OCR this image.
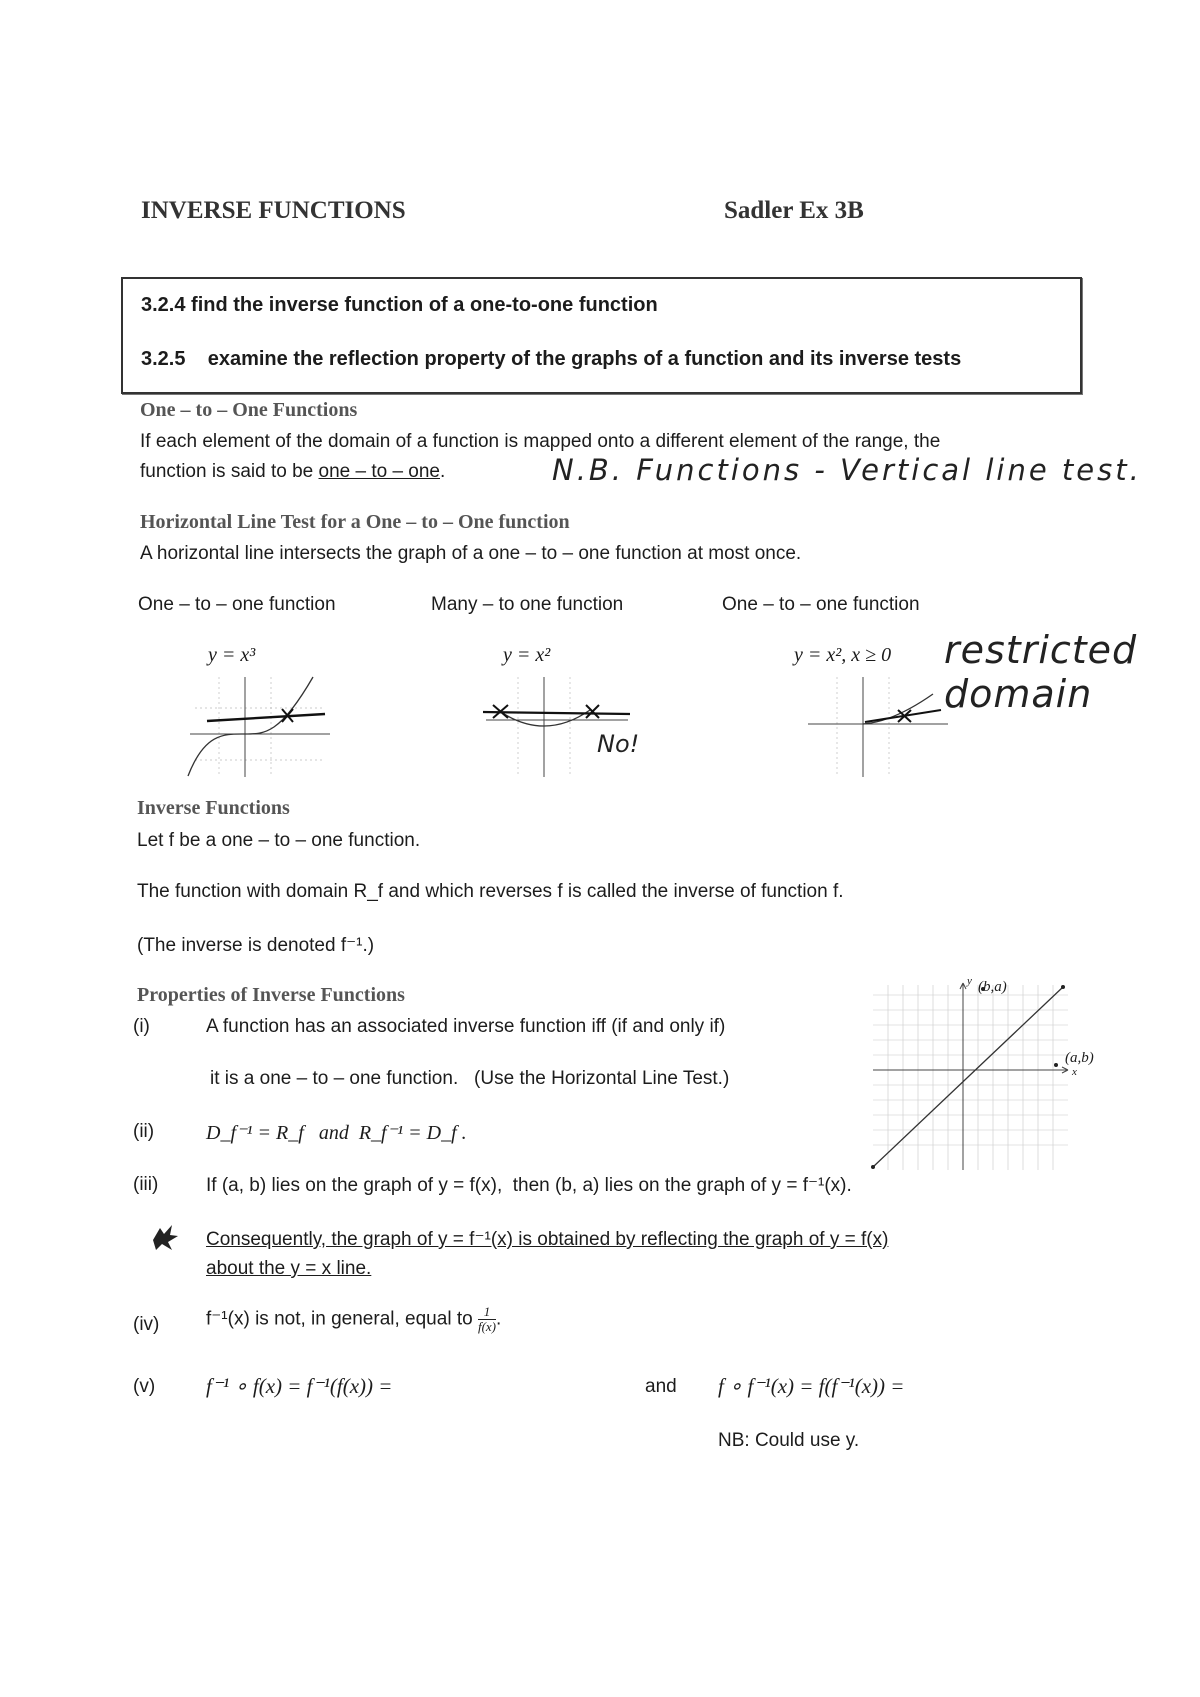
INVERSE FUNCTIONS	Sadler Ex 3B
3.2.4 find the inverse function of a one-to-one function
3.2.5    examine the reflection property of the graphs of a function and its inverse tests
One – to – One Functions
If each element of the domain of a function is mapped onto a different element of the range, the
function is said to be one – to – one.	N.B. Functions - Vertical line test.
Horizontal Line Test for a One – to – One function
A horizontal line intersects the graph of a one – to – one function at most once.
One – to – one function	Many – to one function	One – to – one function
y = x³	y = x²	y = x², x ≥ 0 restricted domain
No!
Inverse Functions
Let f be a one – to – one function.
The function with domain R_f and which reverses f is called the inverse of function f.
(The inverse is denoted f⁻¹.)
Properties of Inverse Functions
(i)	A function has an associated inverse function iff (if and only if)
it is a one – to – one function.   (Use the Horizontal Line Test.)
(ii)	D_f⁻¹ = R_f   and  R_f⁻¹ = D_f .
(iii)	If (a, b) lies on the graph of y = f(x),  then (b, a) lies on the graph of y = f⁻¹(x).
Consequently, the graph of y = f⁻¹(x) is obtained by reflecting the graph of y = f(x)
about the y = x line.
(iv) f⁻¹(x) is not, in general, equal to $\frac{1}{f(x)}$ .
(v) f⁻¹ ∘ f(x) = f⁻¹(f(x)) =	and f ∘ f⁻¹(x) = f(f⁻¹(x)) =
NB: Could use y.
y
x
(b,a)
(a,b)
